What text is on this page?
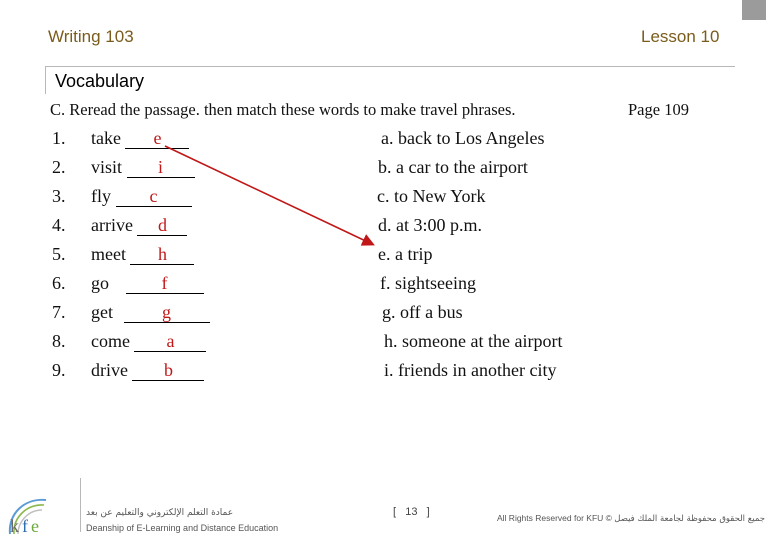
Writing 103	Lesson 10
Vocabulary
C. Reread the passage. then match these words to make travel phrases.	Page 109
1.	take e
2.	visit i
3.	fly c
4.	arrive d
5.	meet h
6.	go	f
7.	get	g
8.	come a
9.	drive b
a. back to Los Angeles
b. a car to the airport
c. to New York
d. at 3:00 p.m.
e. a trip
f. sightseeing
g. off a bus
h. someone at the airport
i. friends in another city
k f e
عمادة التعلم الإلكتروني والتعليم عن بعد
Deanship of E-Learning and Distance Education
[   13   ]	All Rights Reserved for KFU © جميع الحقوق محفوظة لجامعة الملك فيصل
